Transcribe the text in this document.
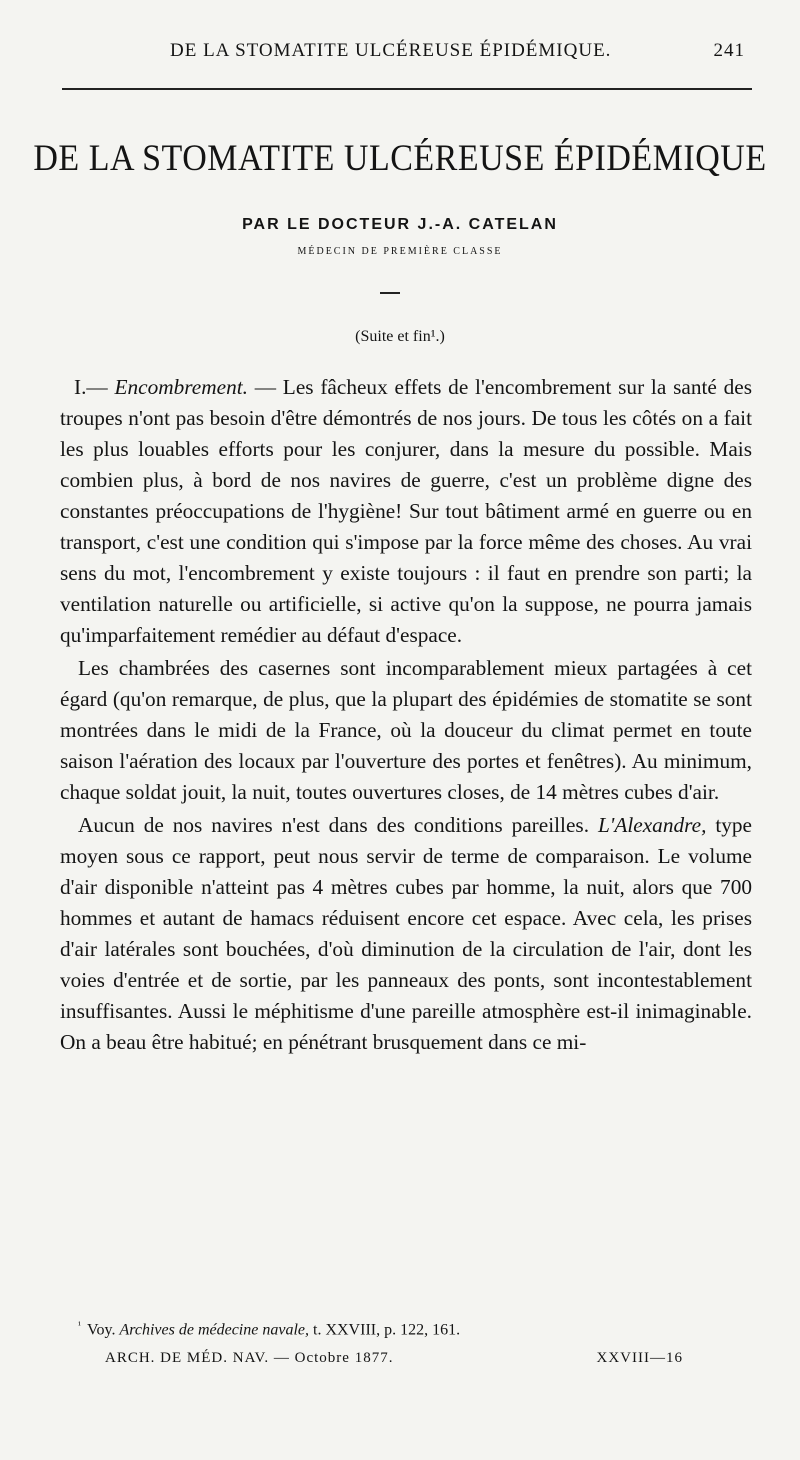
DE LA STOMATITE ULCÉREUSE ÉPIDÉMIQUE.	241
DE LA STOMATITE ULCÉREUSE ÉPIDÉMIQUE
PAR LE DOCTEUR J.-A. CATELAN
MÉDECIN DE PREMIÈRE CLASSE
(Suite et fin¹.)

I.— Encombrement. — Les fâcheux effets de l'encombrement sur la santé des troupes n'ont pas besoin d'être démontrés de nos jours. De tous les côtés on a fait les plus louables efforts pour les conjurer, dans la mesure du possible. Mais combien plus, à bord de nos navires de guerre, c'est un problème digne des constantes préoccupations de l'hygiène! Sur tout bâtiment armé en guerre ou en transport, c'est une condition qui s'impose par la force même des choses. Au vrai sens du mot, l'encombrement y existe toujours : il faut en prendre son parti; la ventilation naturelle ou artificielle, si active qu'on la suppose, ne pourra jamais qu'imparfaitement remédier au défaut d'espace.

Les chambrées des casernes sont incomparablement mieux partagées à cet égard (qu'on remarque, de plus, que la plupart des épidémies de stomatite se sont montrées dans le midi de la France, où la douceur du climat permet en toute saison l'aération des locaux par l'ouverture des portes et fenêtres). Au minimum, chaque soldat jouit, la nuit, toutes ouvertures closes, de 14 mètres cubes d'air.

Aucun de nos navires n'est dans des conditions pareilles. L'Alexandre, type moyen sous ce rapport, peut nous servir de terme de comparaison. Le volume d'air disponible n'atteint pas 4 mètres cubes par homme, la nuit, alors que 700 hommes et autant de hamacs réduisent encore cet espace. Avec cela, les prises d'air latérales sont bouchées, d'où diminution de la circulation de l'air, dont les voies d'entrée et de sortie, par les panneaux des ponts, sont incontestablement insuffisantes. Aussi le méphitisme d'une pareille atmosphère est-il inimaginable. On a beau être habitué; en pénétrant brusquement dans ce mi-

$^{^1}$ Voy. Archives de médecine navale, t. XXVIII, p. 122, 161.
ARCH. DE MÉD. NAV. — Octobre 1877.	XXVIII—16
